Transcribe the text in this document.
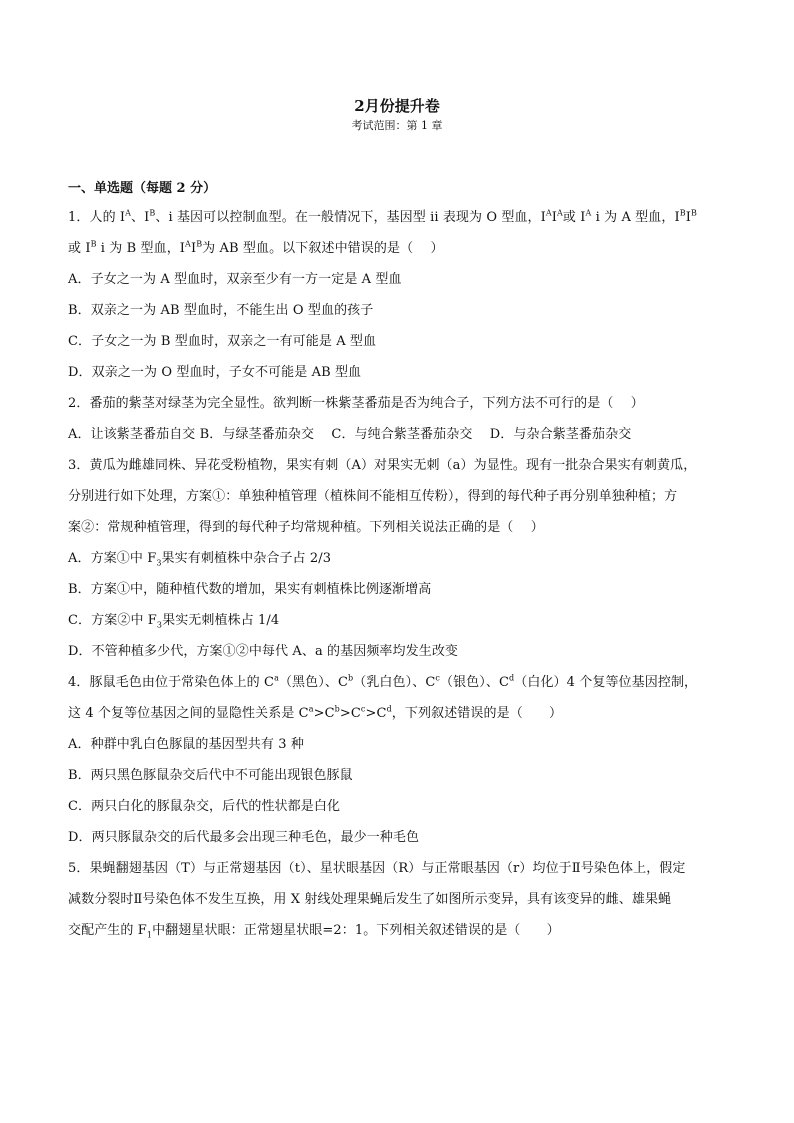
2月份提升卷
考试范围：第 1 章
一、单选题（每题 2 分）
1．人的 $I^A$、$I^B$、i 基因可以控制血型。在一般情况下，基因型 ii 表现为 O 型血，$I^AI^A$或 $I^A$ i 为 A 型血，$I^BI^B$
或 $I^B$ i 为 B 型血，$I^AI^B$为 AB 型血。以下叙述中错误的是（　 ）
A．子女之一为 A 型血时，双亲至少有一方一定是 A 型血
B．双亲之一为 AB 型血时，不能生出 O 型血的孩子
C．子女之一为 B 型血时，双亲之一有可能是 A 型血
D．双亲之一为 O 型血时，子女不可能是 AB 型血
2．番茄的紫茎对绿茎为完全显性。欲判断一株紫茎番茄是否为纯合子，下列方法不可行的是（　 ）
A．让该紫茎番茄自交 B．与绿茎番茄杂交　 C．与纯合紫茎番茄杂交　 D．与杂合紫茎番茄杂交
3．黄瓜为雌雄同株、异花受粉植物，果实有刺（A）对果实无刺（a）为显性。现有一批杂合果实有刺黄瓜，
分别进行如下处理，方案①：单独种植管理（植株间不能相互传粉），得到的每代种子再分别单独种植；方
案②：常规种植管理，得到的每代种子均常规种植。下列相关说法正确的是（　 ）
A．方案①中 $F_3$果实有刺植株中杂合子占 2/3
B．方案①中，随种植代数的增加，果实有刺植株比例逐渐增高
C．方案②中 $F_3$果实无刺植株占 1/4
D．不管种植多少代，方案①②中每代 A、a 的基因频率均发生改变
4．豚鼠毛色由位于常染色体上的 $C^a$（黑色）、$C^b$（乳白色）、$C^c$（银色）、$C^d$（白化）4 个复等位基因控制，
这 4 个复等位基因之间的显隐性关系是 $C^a>C^b>C^c>C^d$，下列叙述错误的是（　　）
A．种群中乳白色豚鼠的基因型共有 3 种
B．两只黑色豚鼠杂交后代中不可能出现银色豚鼠
C．两只白化的豚鼠杂交，后代的性状都是白化
D．两只豚鼠杂交的后代最多会出现三种毛色，最少一种毛色
5．果蝇翻翅基因（T）与正常翅基因（t）、星状眼基因（R）与正常眼基因（r）均位于Ⅱ号染色体上，假定
减数分裂时Ⅱ号染色体不发生互换，用 X 射线处理果蝇后发生了如图所示变异，具有该变异的雌、雄果蝇
交配产生的 $F_1$中翻翅星状眼：正常翅星状眼=2：1。下列相关叙述错误的是（　　）
